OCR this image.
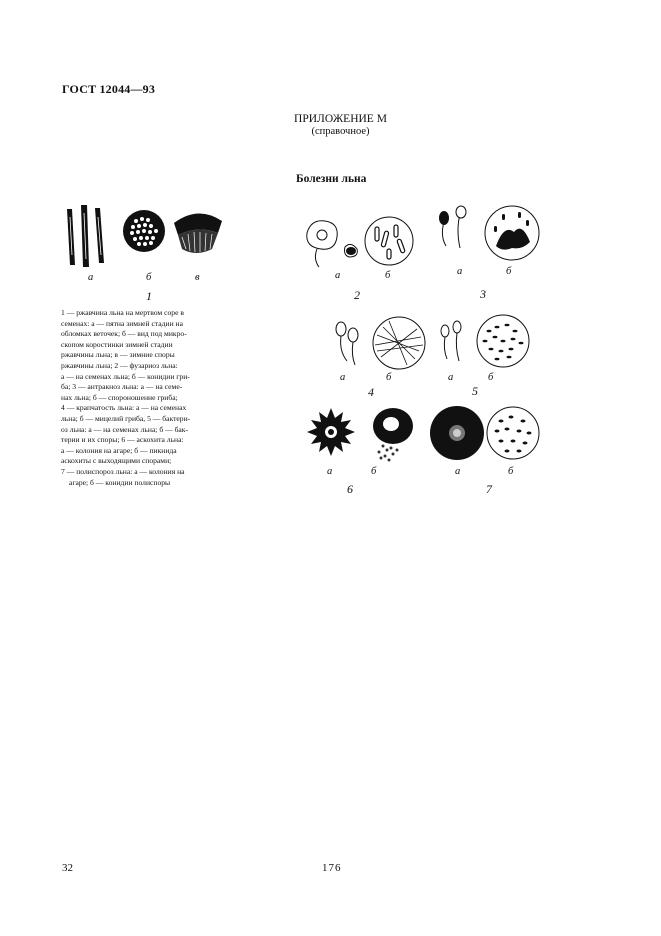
ГОСТ 12044—93
ПРИЛОЖЕНИЕ М
(справочное)
Болезни льна
а	б	в
1
а	б
2
а	б
3
а	б
4
а	б
5
а	б
6
а	б
7

1 — ржавчина льна на мертвом соре в

семенах: а — пятна зимней стадии на

обломках веточек; б — вид под микро-

скопом коростинки зимней стадии

ржавчины льна; в — зимние споры

ржавчины льна; 2 — фузариоз льна:

а — на семенах льна; б — конидии гри-

ба; 3 — антракноз льна: а — на семе-

нах льна; б — спороношение гриба;

4 — крапчатость льна: а — на семенах

льна; б — мицелий гриба, 5 — бактери-

оз льна: а — на семенах льна; б — бак-

терии и их споры; 6 — аскохита льна:

а — колония на агаре; б — пикнида

аскохиты с выходящими спорами;

7 — полиспороз льна: а — колония на

агаре; б — конидии полиспоры

32	176
